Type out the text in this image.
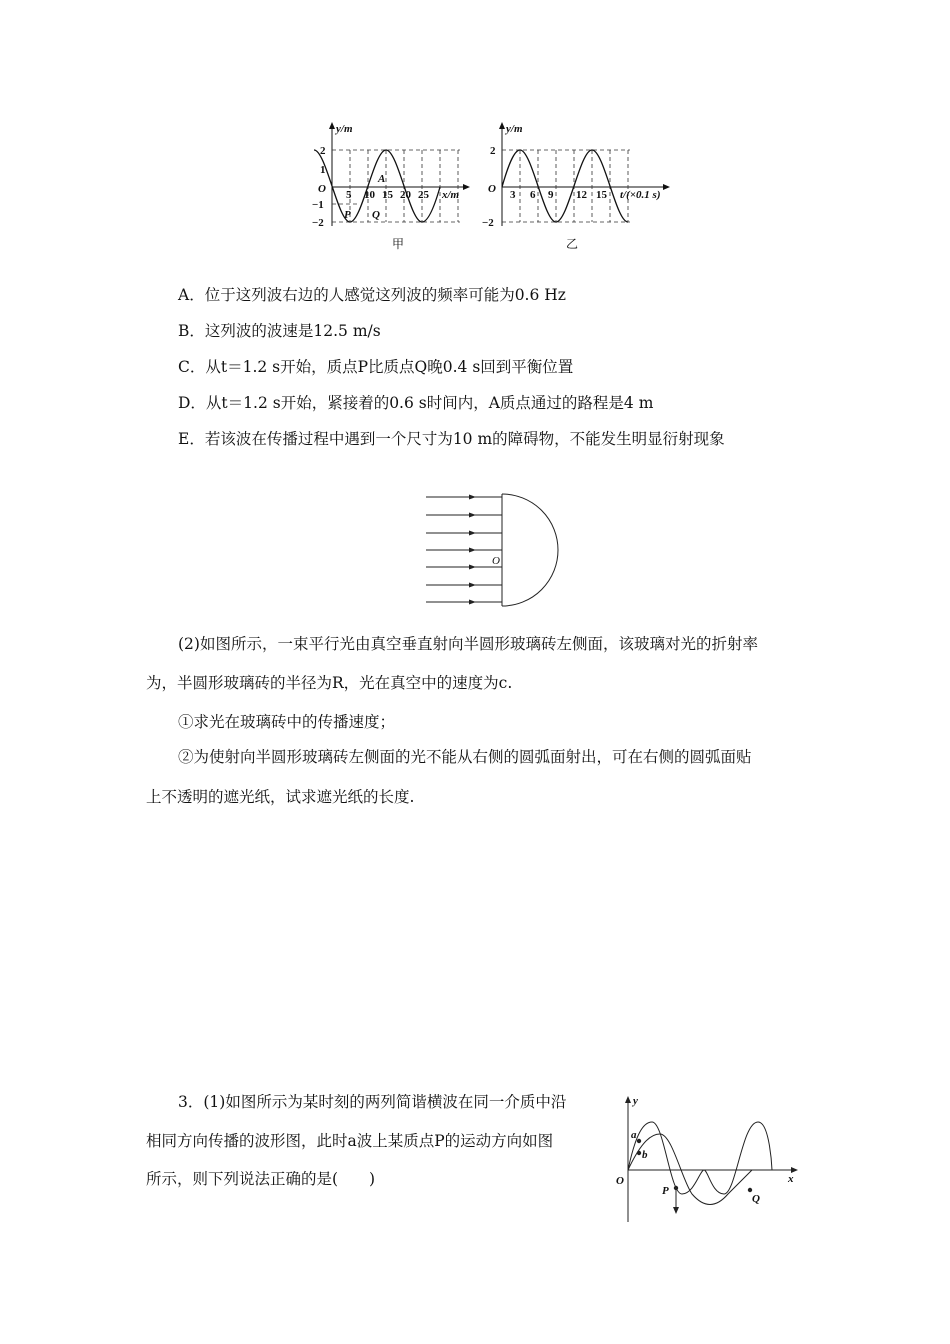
y/m
O
2
1
−1
−2
5 10 15 20 25 x/m
A
P Q
甲
y/m
O
2
−2
3 6 9 12 15 t/(×0.1 s)
乙
A．位于这列波右边的人感觉这列波的频率可能为0.6 Hz
B．这列波的波速是12.5 m/s
C．从t＝1.2 s开始，质点P比质点Q晚0.4 s回到平衡位置
D．从t＝1.2 s开始，紧接着的0.6 s时间内，A质点通过的路程是4 m
E．若该波在传播过程中遇到一个尺寸为10 m的障碍物，不能发生明显衍射现象
O
(2)如图所示，一束平行光由真空垂直射向半圆形玻璃砖左侧面，该玻璃对光的折射率
为，半圆形玻璃砖的半径为R，光在真空中的速度为c.
①求光在玻璃砖中的传播速度；
②为使射向半圆形玻璃砖左侧面的光不能从右侧的圆弧面射出，可在右侧的圆弧面贴
上不透明的遮光纸，试求遮光纸的长度.
3．(1)如图所示为某时刻的两列简谐横波在同一介质中沿
相同方向传播的波形图，此时a波上某质点P的运动方向如图
所示，则下列说法正确的是(　　)
y
x
O
a
b
P
Q
